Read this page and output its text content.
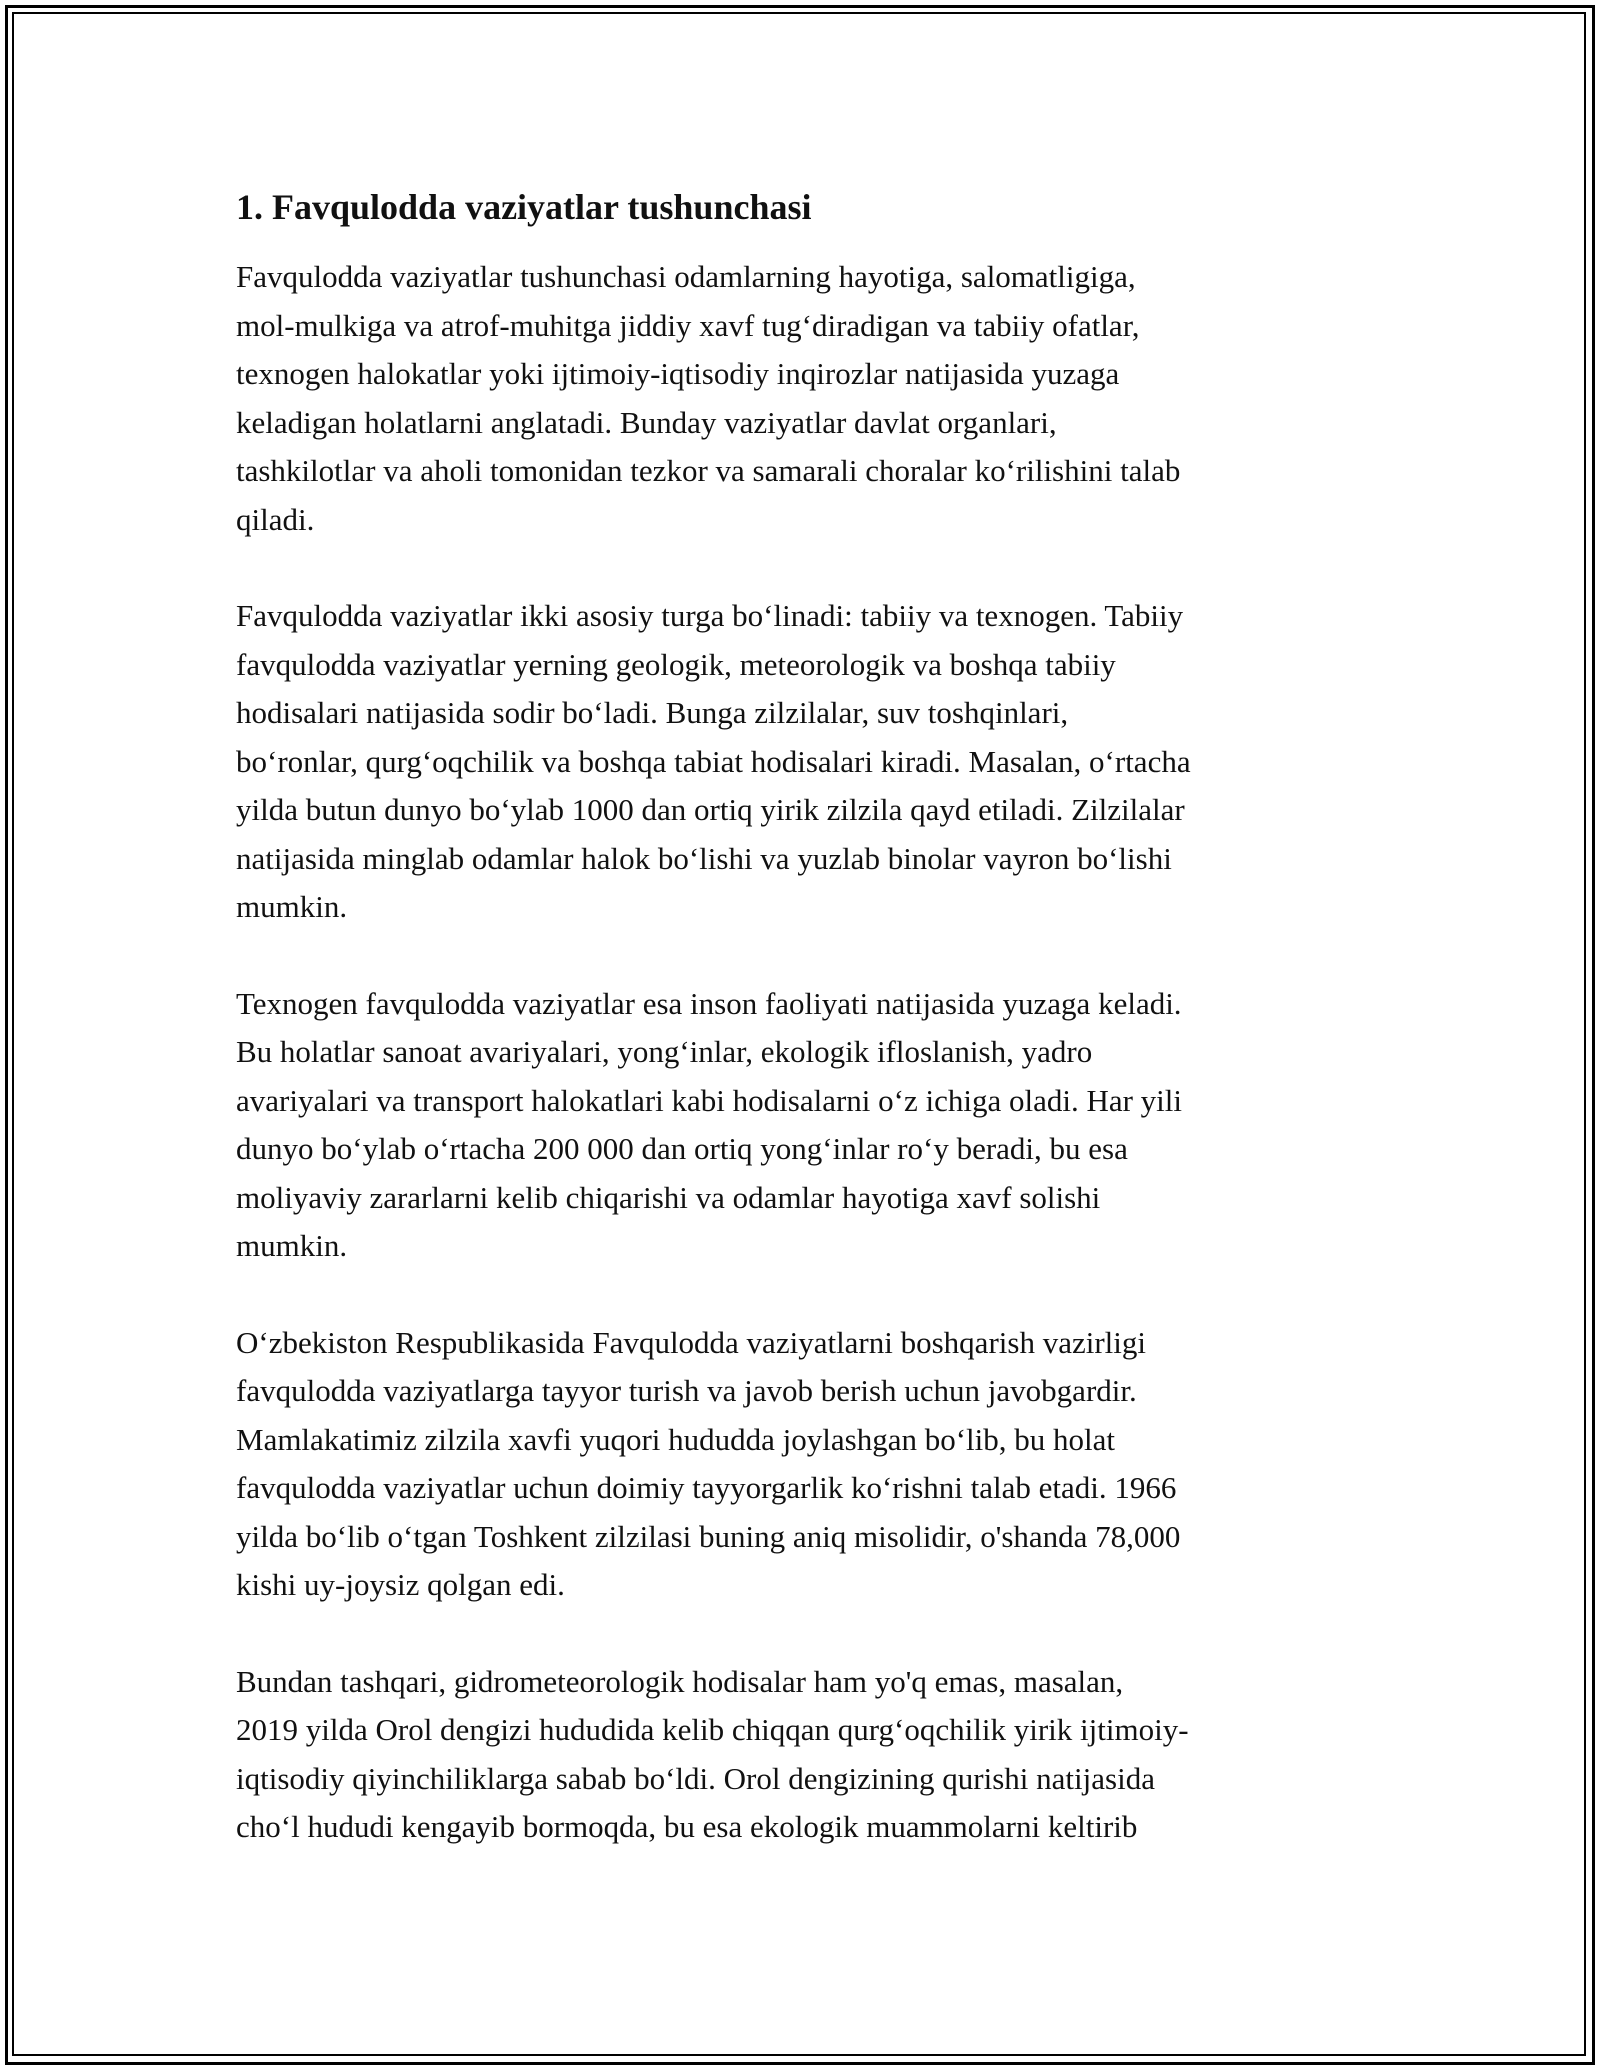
1. Favqulodda vaziyatlar tushunchasi

Favqulodda vaziyatlar tushunchasi odamlarning hayotiga, salomatligiga,
mol-mulkiga va atrof-muhitga jiddiy xavf tug‘diradigan va tabiiy ofatlar,
texnogen halokatlar yoki ijtimoiy-iqtisodiy inqirozlar natijasida yuzaga
keladigan holatlarni anglatadi. Bunday vaziyatlar davlat organlari,
tashkilotlar va aholi tomonidan tezkor va samarali choralar ko‘rilishini talab
qiladi.

Favqulodda vaziyatlar ikki asosiy turga bo‘linadi: tabiiy va texnogen. Tabiiy
favqulodda vaziyatlar yerning geologik, meteorologik va boshqa tabiiy
hodisalari natijasida sodir bo‘ladi. Bunga zilzilalar, suv toshqinlari,
bo‘ronlar, qurg‘oqchilik va boshqa tabiat hodisalari kiradi. Masalan, o‘rtacha
yilda butun dunyo bo‘ylab 1000 dan ortiq yirik zilzila qayd etiladi. Zilzilalar
natijasida minglab odamlar halok bo‘lishi va yuzlab binolar vayron bo‘lishi
mumkin.

Texnogen favqulodda vaziyatlar esa inson faoliyati natijasida yuzaga keladi.
Bu holatlar sanoat avariyalari, yong‘inlar, ekologik ifloslanish, yadro
avariyalari va transport halokatlari kabi hodisalarni o‘z ichiga oladi. Har yili
dunyo bo‘ylab o‘rtacha 200 000 dan ortiq yong‘inlar ro‘y beradi, bu esa
moliyaviy zararlarni kelib chiqarishi va odamlar hayotiga xavf solishi
mumkin.

O‘zbekiston Respublikasida Favqulodda vaziyatlarni boshqarish vazirligi
favqulodda vaziyatlarga tayyor turish va javob berish uchun javobgardir.
Mamlakatimiz zilzila xavfi yuqori hududda joylashgan bo‘lib, bu holat
favqulodda vaziyatlar uchun doimiy tayyorgarlik ko‘rishni talab etadi. 1966
yilda bo‘lib o‘tgan Toshkent zilzilasi buning aniq misolidir, o'shanda 78,000
kishi uy-joysiz qolgan edi.

Bundan tashqari, gidrometeorologik hodisalar ham yo'q emas, masalan,
2019 yilda Orol dengizi hududida kelib chiqqan qurg‘oqchilik yirik ijtimoiy-
iqtisodiy qiyinchiliklarga sabab bo‘ldi. Orol dengizining qurishi natijasida
cho‘l hududi kengayib bormoqda, bu esa ekologik muammolarni keltirib
